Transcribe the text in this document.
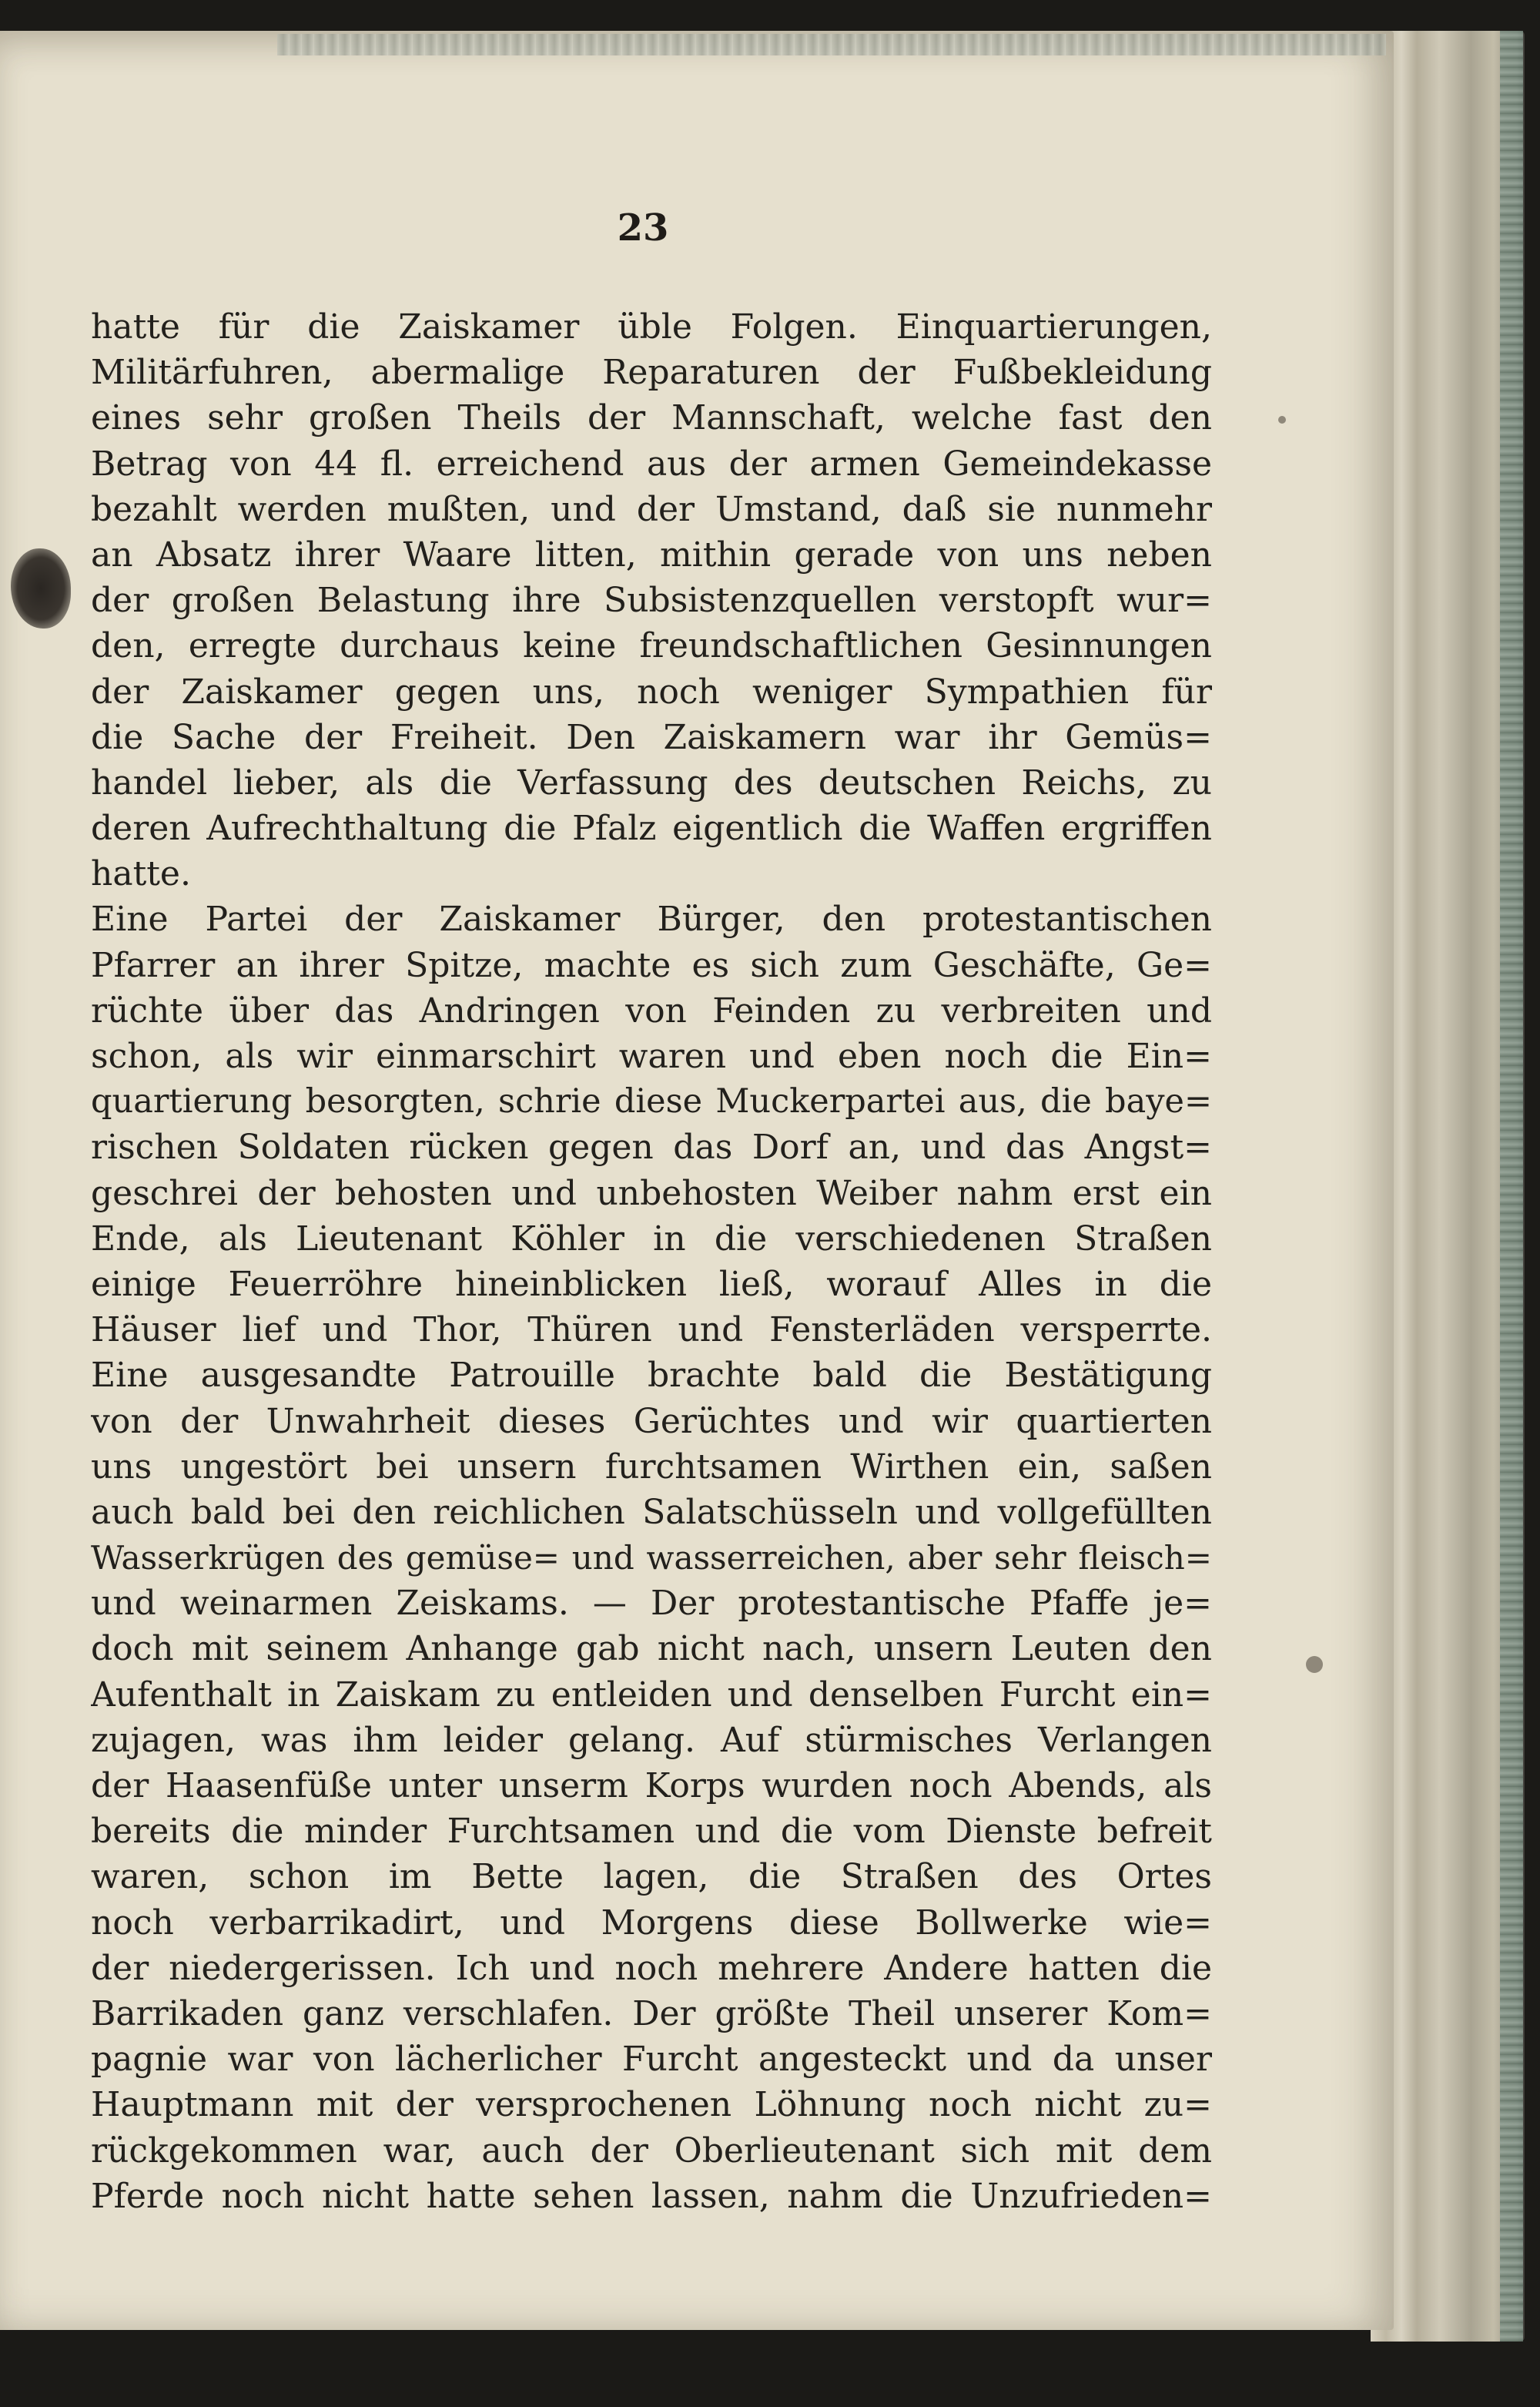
23
hatte für die Zaiskamer üble Folgen. Einquartierungen,
Militärfuhren, abermalige Reparaturen der Fußbekleidung
eines sehr großen Theils der Mannschaft, welche fast den
Betrag von 44 fl. erreichend aus der armen Gemeindekasse
bezahlt werden mußten, und der Umstand, daß sie nunmehr
an Absatz ihrer Waare litten, mithin gerade von uns neben
der großen Belastung ihre Subsistenzquellen verstopft wur=
den, erregte durchaus keine freundschaftlichen Gesinnungen
der Zaiskamer gegen uns, noch weniger Sympathien für
die Sache der Freiheit. Den Zaiskamern war ihr Gemüs=
handel lieber, als die Verfassung des deutschen Reichs, zu
deren Aufrechthaltung die Pfalz eigentlich die Waffen ergriffen
hatte.
Eine Partei der Zaiskamer Bürger, den protestantischen
Pfarrer an ihrer Spitze, machte es sich zum Geschäfte, Ge=
rüchte über das Andringen von Feinden zu verbreiten und
schon, als wir einmarschirt waren und eben noch die Ein=
quartierung besorgten, schrie diese Muckerpartei aus, die baye=
rischen Soldaten rücken gegen das Dorf an, und das Angst=
geschrei der behosten und unbehosten Weiber nahm erst ein
Ende, als Lieutenant Köhler in die verschiedenen Straßen
einige Feuerröhre hineinblicken ließ, worauf Alles in die
Häuser lief und Thor, Thüren und Fensterläden versperrte.
Eine ausgesandte Patrouille brachte bald die Bestätigung
von der Unwahrheit dieses Gerüchtes und wir quartierten
uns ungestört bei unsern furchtsamen Wirthen ein, saßen
auch bald bei den reichlichen Salatschüsseln und vollgefüllten
Wasserkrügen des gemüse= und wasserreichen, aber sehr fleisch=
und weinarmen Zeiskams. — Der protestantische Pfaffe je=
doch mit seinem Anhange gab nicht nach, unsern Leuten den
Aufenthalt in Zaiskam zu entleiden und denselben Furcht ein=
zujagen, was ihm leider gelang. Auf stürmisches Verlangen
der Haasenfüße unter unserm Korps wurden noch Abends, als
bereits die minder Furchtsamen und die vom Dienste befreit
waren, schon im Bette lagen, die Straßen des Ortes
noch verbarrikadirt, und Morgens diese Bollwerke wie=
der niedergerissen. Ich und noch mehrere Andere hatten die
Barrikaden ganz verschlafen. Der größte Theil unserer Kom=
pagnie war von lächerlicher Furcht angesteckt und da unser
Hauptmann mit der versprochenen Löhnung noch nicht zu=
rückgekommen war, auch der Oberlieutenant sich mit dem
Pferde noch nicht hatte sehen lassen, nahm die Unzufrieden=
